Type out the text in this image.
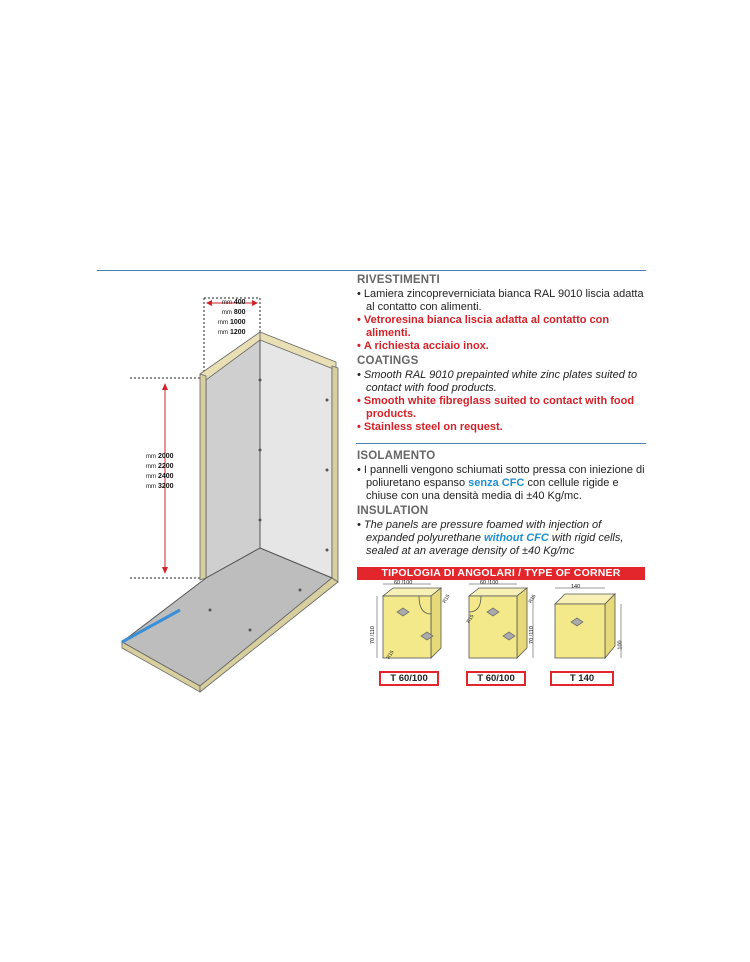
mm 400
mm 800
mm 1000
mm 1200
mm 2000
mm 2200
mm 2400
mm 3200
RIVESTIMENTI
• Lamiera zincopreverniciata bianca RAL 9010 liscia adatta al contatto con alimenti.
• Vetroresina bianca liscia adatta al contatto con alimenti.
• A richiesta acciaio inox.
COATINGS
• Smooth RAL 9010 prepainted white zinc plates suited to contact with food products.
• Smooth white fibreglass suited to contact with food products.
• Stainless steel on request.
ISOLAMENTO
• I pannelli vengono schiumati sotto pressa con iniezione di poliuretano espanso senza CFC con cellule rigide e chiuse con una densità media di ±40 Kg/mc.
INSULATION
• The panels are pressure foamed with injection of expanded polyurethane without CFC with rigid cells, sealed at an average density of ±40 Kg/mc
TIPOLOGIA DI ANGOLARI / TYPE OF CORNER
60 /100	60 /100
140
70 /110	70 /110
100
R15	R15
R15
R15
T 60/100	T 60/100	T 140
